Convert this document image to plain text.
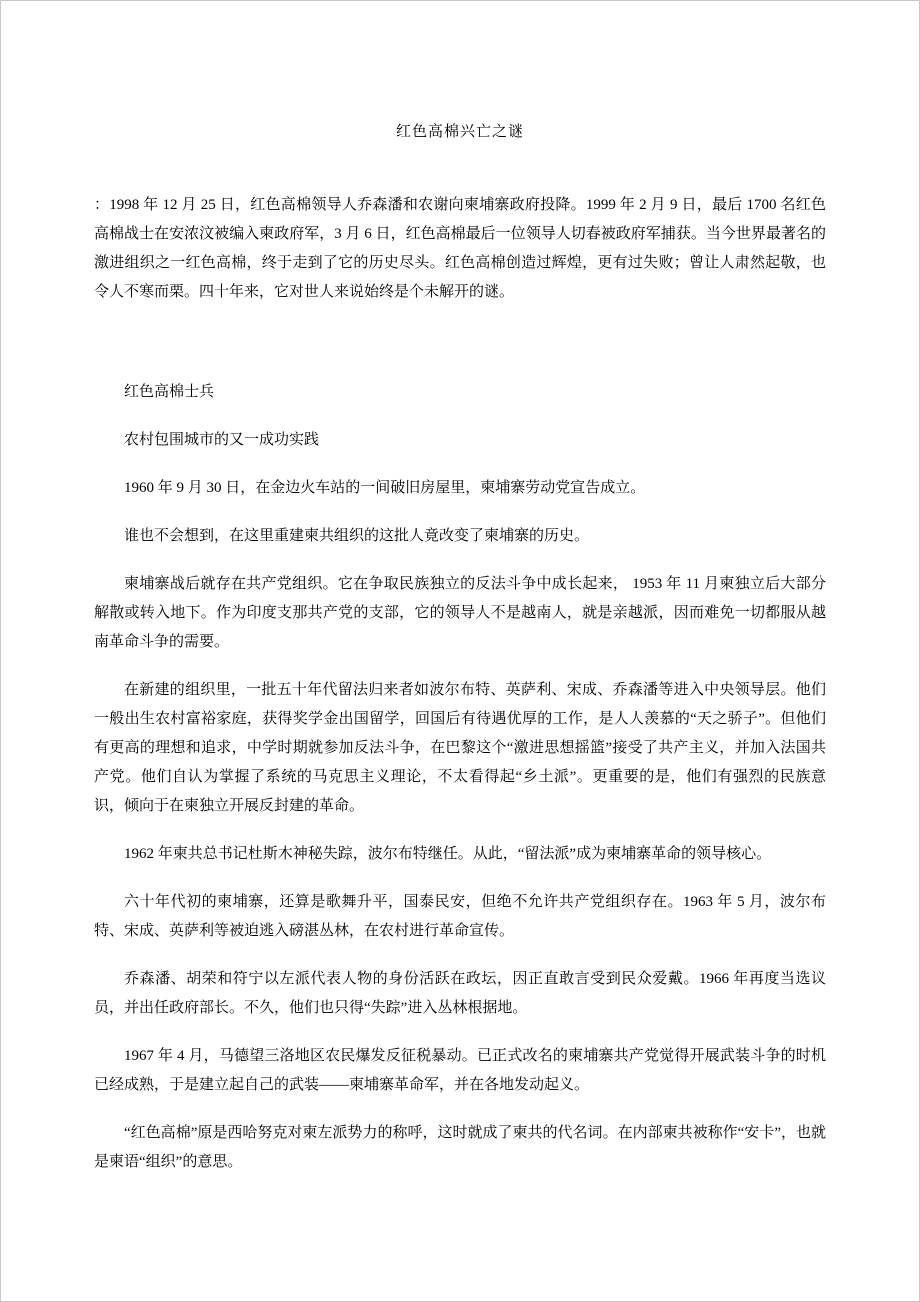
红色高棉兴亡之谜

：1998 年 12 月 25 日，红色高棉领导人乔森潘和农谢向柬埔寨政府投降。1999 年 2 月 9 日，最后 1700 名红色高棉战士在安浓汶被编入柬政府军，3 月 6 日，红色高棉最后一位领导人切春被政府军捕获。当今世界最著名的激进组织之一红色高棉，终于走到了它的历史尽头。红色高棉创造过辉煌，更有过失败；曾让人肃然起敬，也令人不寒而栗。四十年来，它对世人来说始终是个未解开的谜。

红色高棉士兵

农村包围城市的又一成功实践

1960 年 9 月 30 日，在金边火车站的一间破旧房屋里，柬埔寨劳动党宣告成立。

谁也不会想到，在这里重建柬共组织的这批人竟改变了柬埔寨的历史。

柬埔寨战后就存在共产党组织。它在争取民族独立的反法斗争中成长起来， 1953 年 11 月柬独立后大部分解散或转入地下。作为印度支那共产党的支部，它的领导人不是越南人，就是亲越派，因而难免一切都服从越南革命斗争的需要。

在新建的组织里，一批五十年代留法归来者如波尔布特、英萨利、宋成、乔森潘等进入中央领导层。他们一般出生农村富裕家庭，获得奖学金出国留学，回国后有待遇优厚的工作，是人人羡慕的“天之骄子”。但他们有更高的理想和追求，中学时期就参加反法斗争，在巴黎这个“激进思想摇篮”接受了共产主义，并加入法国共产党。他们自认为掌握了系统的马克思主义理论，不太看得起“乡土派”。更重要的是，他们有强烈的民族意识，倾向于在柬独立开展反封建的革命。

1962 年柬共总书记杜斯木神秘失踪，波尔布特继任。从此，“留法派”成为柬埔寨革命的领导核心。

六十年代初的柬埔寨，还算是歌舞升平，国泰民安，但绝不允许共产党组织存在。1963 年 5 月，波尔布特、宋成、英萨利等被迫逃入磅湛丛林，在农村进行革命宣传。

乔森潘、胡荣和符宁以左派代表人物的身份活跃在政坛，因正直敢言受到民众爱戴。1966 年再度当选议员，并出任政府部长。不久，他们也只得“失踪”进入丛林根据地。

1967 年 4 月，马德望三洛地区农民爆发反征税暴动。已正式改名的柬埔寨共产党觉得开展武装斗争的时机已经成熟，于是建立起自己的武装——柬埔寨革命军，并在各地发动起义。

“红色高棉”原是西哈努克对柬左派势力的称呼，这时就成了柬共的代名词。在内部柬共被称作“安卡”，也就是柬语“组织”的意思。
